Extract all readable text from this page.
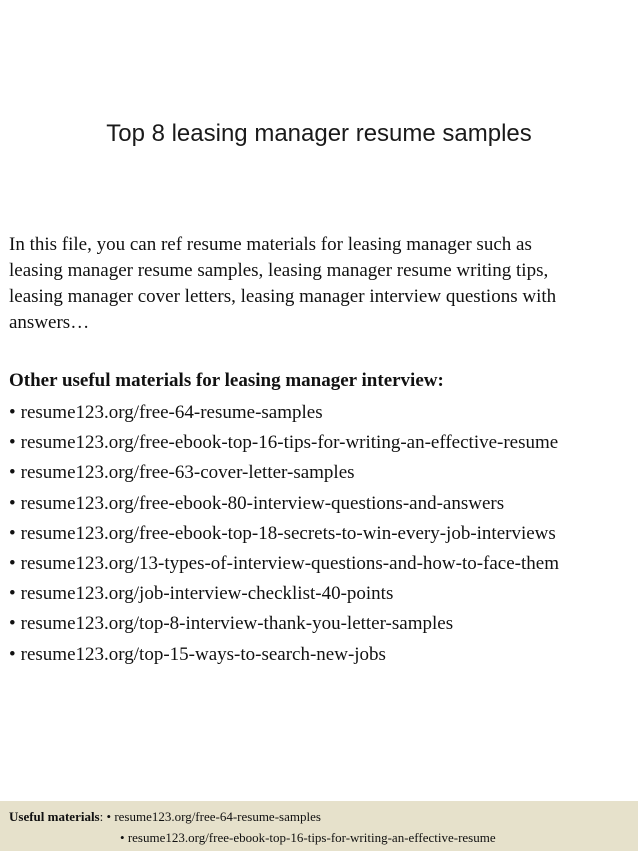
Top 8 leasing manager resume samples
In this file, you can ref resume materials for leasing manager such as
leasing manager resume samples, leasing manager resume writing tips,
leasing manager cover letters, leasing manager interview questions with
answers…
Other useful materials for leasing manager interview:
• resume123.org/free-64-resume-samples
• resume123.org/free-ebook-top-16-tips-for-writing-an-effective-resume
• resume123.org/free-63-cover-letter-samples
• resume123.org/free-ebook-80-interview-questions-and-answers
• resume123.org/free-ebook-top-18-secrets-to-win-every-job-interviews
• resume123.org/13-types-of-interview-questions-and-how-to-face-them
• resume123.org/job-interview-checklist-40-points
• resume123.org/top-8-interview-thank-you-letter-samples
• resume123.org/top-15-ways-to-search-new-jobs
Useful materials: • resume123.org/free-64-resume-samples
• resume123.org/free-ebook-top-16-tips-for-writing-an-effective-resume
